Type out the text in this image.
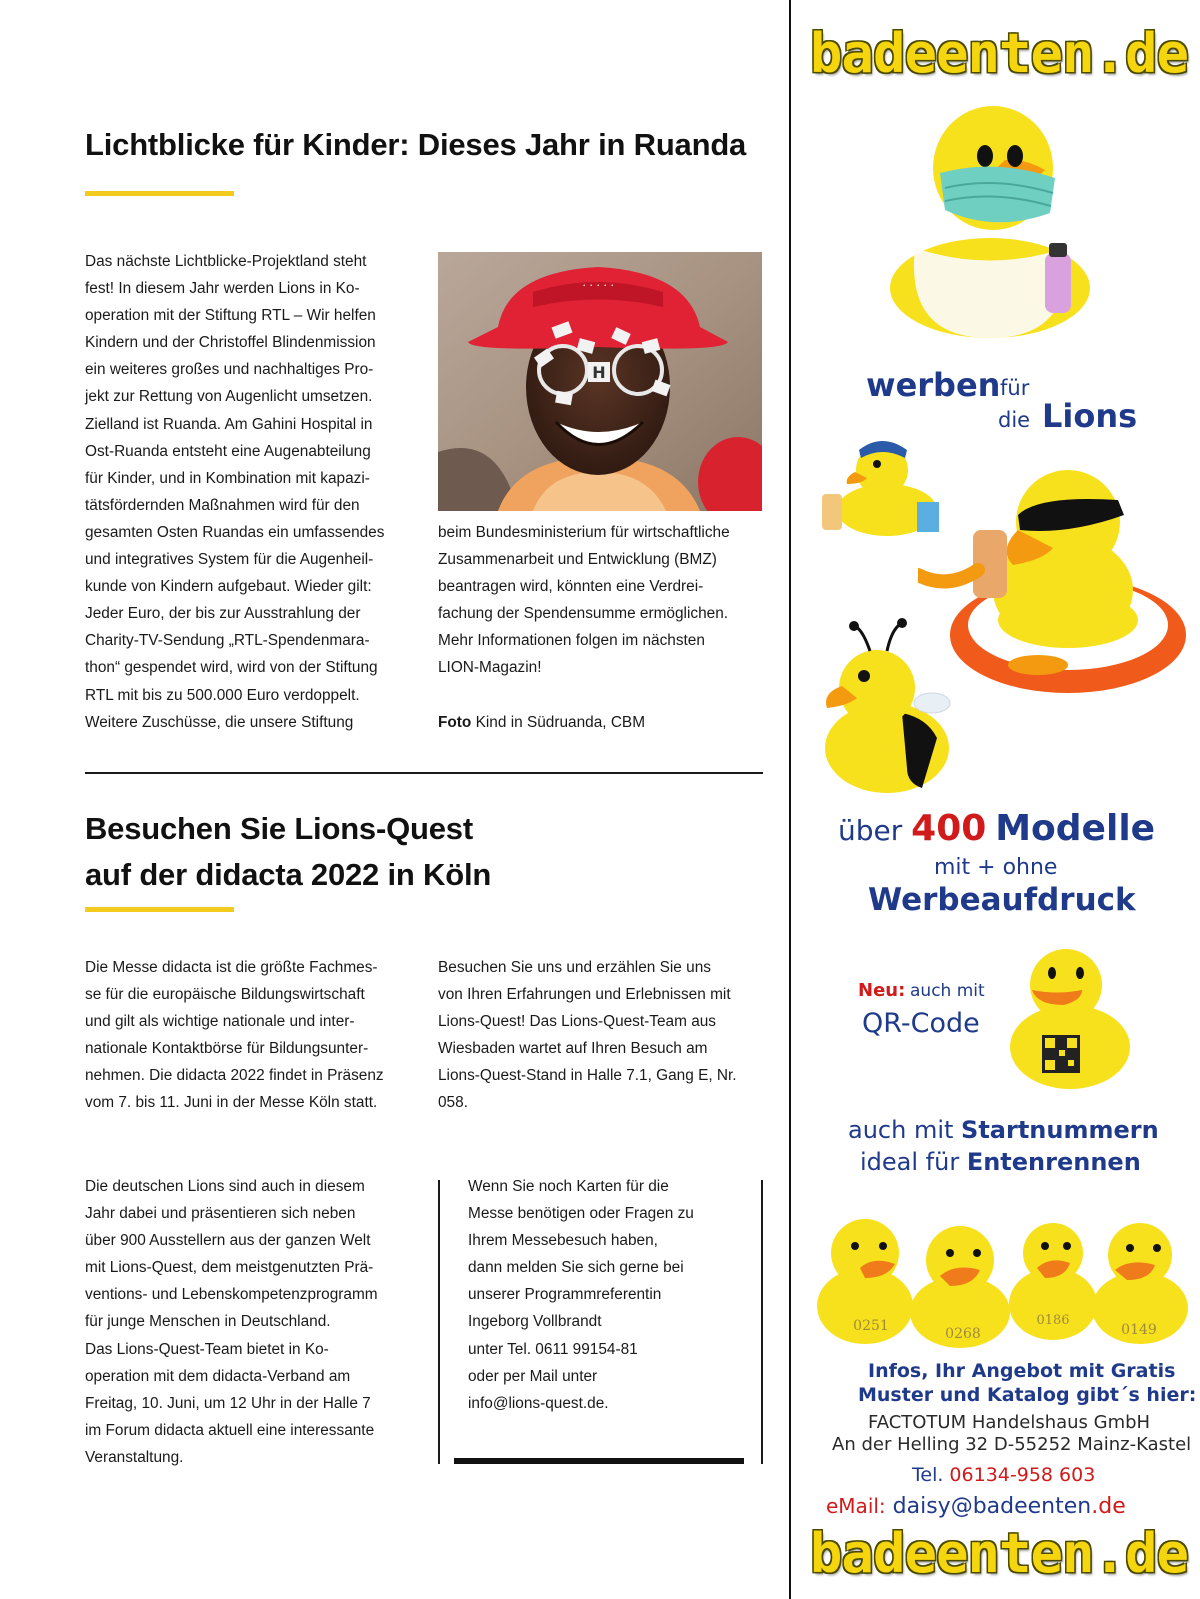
Lichtblicke für Kinder: Dieses Jahr in Ruanda

Das nächste Lichtblicke-Projektland steht

fest! In diesem Jahr werden Lions in Ko-

operation mit der Stiftung RTL – Wir helfen

Kindern und der Christoffel Blindenmission

ein weiteres großes und nachhaltiges Pro-

jekt zur Rettung von Augenlicht umsetzen.

Zielland ist Ruanda. Am Gahini Hospital in

Ost-Ruanda entsteht eine Augenabteilung

für Kinder, und in Kombination mit kapazi-

tätsfördernden Maßnahmen wird für den

gesamten Osten Ruandas ein umfassendes

und integratives System für die Augenheil-

kunde von Kindern aufgebaut. Wieder gilt:

Jeder Euro, der bis zur Ausstrahlung der

Charity-TV-Sendung „RTL-Spendenmara-

thon“ gespendet wird, wird von der Stiftung

RTL mit bis zu 500.000 Euro verdoppelt.

Weitere Zuschüsse, die unsere Stiftung

· · · · ·
H

beim Bundesministerium für wirtschaftliche

Zusammenarbeit und Entwicklung (BMZ)

beantragen wird, könnten eine Verdrei-

fachung der Spendensumme ermöglichen.

Mehr Informationen folgen im nächsten

LION-Magazin!

Foto Kind in Südruanda, CBM

Besuchen Sie Lions-Quest
auf der didacta 2022 in Köln

Die Messe didacta ist die größte Fachmes-

se für die europäische Bildungswirtschaft

und gilt als wichtige nationale und inter-

nationale Kontaktbörse für Bildungsunter-

nehmen. Die didacta 2022 findet in Präsenz

vom 7. bis 11. Juni in der Messe Köln statt.

Besuchen Sie uns und erzählen Sie uns

von Ihren Erfahrungen und Erlebnissen mit

Lions-Quest! Das Lions-Quest-Team aus

Wiesbaden wartet auf Ihren Besuch am

Lions-Quest-Stand in Halle 7.1, Gang E, Nr.

058.

Die deutschen Lions sind auch in diesem

Jahr dabei und präsentieren sich neben

über 900 Ausstellern aus der ganzen Welt

mit Lions-Quest, dem meistgenutzten Prä-

ventions- und Lebenskompetenzprogramm

für junge Menschen in Deutschland.

Das Lions-Quest-Team bietet in Ko-

operation mit dem didacta-Verband am

Freitag, 10. Juni, um 12 Uhr in der Halle 7

im Forum didacta aktuell eine interessante

Veranstaltung.

Wenn Sie noch Karten für die

Messe benötigen oder Fragen zu

Ihrem Messebesuch haben,

dann melden Sie sich gerne bei

unserer Programmreferentin

Ingeborg Vollbrandt

unter Tel. 0611 99154-81

oder per Mail unter

info@lions-quest.de.

badeenten.de
werben für
die Lions
über 400 Modelle
mit + ohne
Werbeaufdruck
Neu: auch mit
QR-Code
auch mit Startnummern
ideal für Entenrennen
0251	0268
0186
0149
Infos, Ihr Angebot mit Gratis
Muster und Katalog gibt´s hier:
FACTOTUM Handelshaus GmbH
An der Helling 32 D-55252 Mainz-Kastel
Tel. 06134-958 603
eMail: daisy@badeenten.de
badeenten.de
